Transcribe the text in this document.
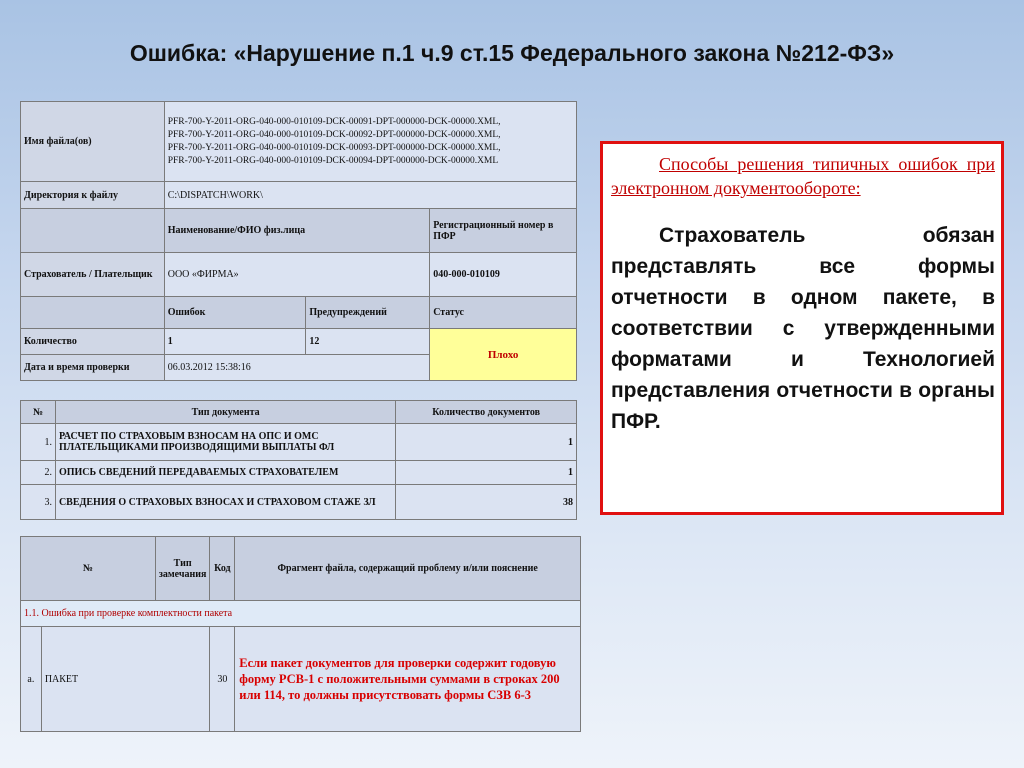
Ошибка: «Нарушение п.1 ч.9 ст.15 Федерального закона №212-ФЗ»
Имя файла(ов)	PFR-700-Y-2011-ORG-040-000-010109-DCK-00091-DPT-000000-DCK-00000.XML,
PFR-700-Y-2011-ORG-040-000-010109-DCK-00092-DPT-000000-DCK-00000.XML,
PFR-700-Y-2011-ORG-040-000-010109-DCK-00093-DPT-000000-DCK-00000.XML,
PFR-700-Y-2011-ORG-040-000-010109-DCK-00094-DPT-000000-DCK-00000.XML		

Директория к файлу	C:\DISPATCH\WORK\		
	Наименование/ФИО физ.лица		Регистрационный номер в ПФР
Страхователь / Плательщик	ООО «ФИРМА»		040-000-010109
	Ошибок	Предупреждений	Статус
Количество	1	12	Плохо
Дата и время проверки	06.03.2012 15:38:16		
№	Тип документа	Количество документов
1.	РАСЧЕТ ПО СТРАХОВЫМ ВЗНОСАМ НА ОПС И ОМС ПЛАТЕЛЬЩИКАМИ ПРОИЗВОДЯЩИМИ ВЫПЛАТЫ ФЛ	1
2.	ОПИСЬ СВЕДЕНИЙ ПЕРЕДАВАЕМЫХ СТРАХОВАТЕЛЕМ	1
3.	СВЕДЕНИЯ О СТРАХОВЫХ ВЗНОСАХ И СТРАХОВОМ СТАЖЕ ЗЛ	38
№		Тип замечания	Код	Фрагмент файла, содержащий проблему и/или пояснение
1.1. Ошибка при проверке комплектности пакета				
a.	ПАКЕТ		30	Если пакет документов для проверки содержит годовую форму РСВ-1 с положительными суммами в строках 200 или 114, то должны присутствовать формы СЗВ 6-3
Способы решения типичных ошибок при электронном документообороте:
Страхователь обязан представлять все формы отчетности в одном пакете, в соответствии с утвержденными форматами и Технологией представления отчетности в органы ПФР.
